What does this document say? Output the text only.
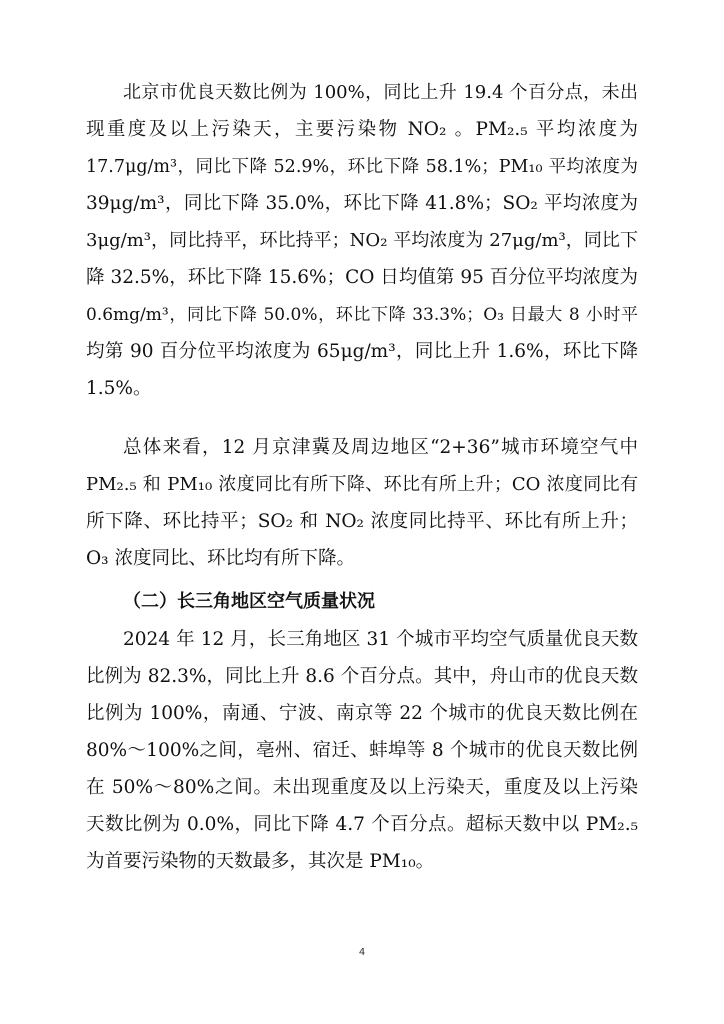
北京市优良天数比例为 100%，同比上升 19.4 个百分点，未出
现重度及以上污染天，主要污染物 NO₂ 。PM₂.₅ 平均浓度为
17.7μg/m³，同比下降 52.9%，环比下降 58.1%；PM₁₀ 平均浓度为
39μg/m³，同比下降 35.0%，环比下降 41.8%；SO₂ 平均浓度为
3μg/m³，同比持平，环比持平；NO₂ 平均浓度为 27μg/m³，同比下
降 32.5%，环比下降 15.6%；CO 日均值第 95 百分位平均浓度为
0.6mg/m³，同比下降 50.0%，环比下降 33.3%；O₃ 日最大 8 小时平
均第 90 百分位平均浓度为 65μg/m³，同比上升 1.6%，环比下降
1.5%。
总体来看，12 月京津冀及周边地区“2+36”城市环境空气中
PM₂.₅ 和 PM₁₀ 浓度同比有所下降、环比有所上升；CO 浓度同比有
所下降、环比持平；SO₂ 和 NO₂ 浓度同比持平、环比有所上升；
O₃ 浓度同比、环比均有所下降。
（二）长三角地区空气质量状况
2024 年 12 月，长三角地区 31 个城市平均空气质量优良天数
比例为 82.3%，同比上升 8.6 个百分点。其中，舟山市的优良天数
比例为 100%，南通、宁波、南京等 22 个城市的优良天数比例在
80%～100%之间，亳州、宿迁、蚌埠等 8 个城市的优良天数比例
在 50%～80%之间。未出现重度及以上污染天，重度及以上污染
天数比例为 0.0%，同比下降 4.7 个百分点。超标天数中以 PM₂.₅
为首要污染物的天数最多，其次是 PM₁₀。
4
